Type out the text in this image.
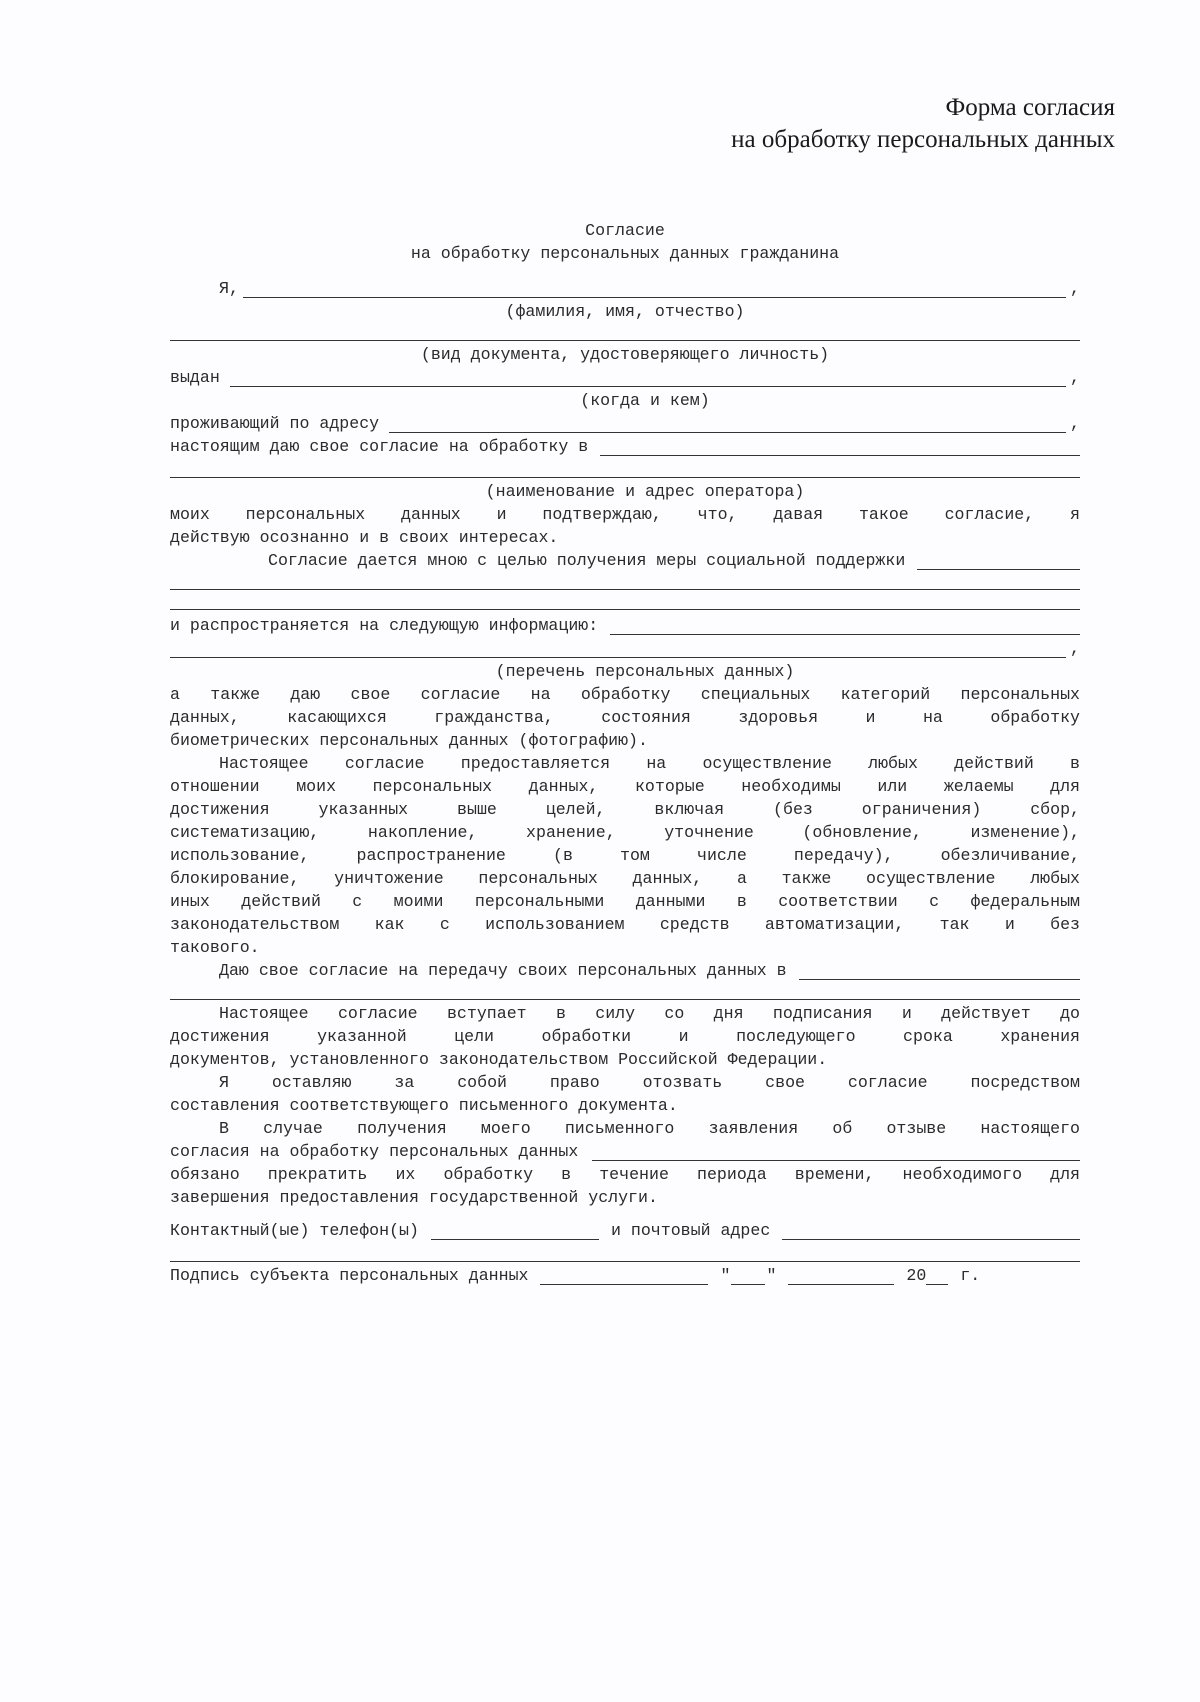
Форма согласия
на обработку персональных данных
Согласие
на обработку персональных данных гражданина
Я,	,
(фамилия, имя, отчество)
(вид документа, удостоверяющего личность)
выдан	,
(когда и кем)
проживающий по адресу	,
настоящим даю свое согласие на обработку в
(наименование и адрес оператора)
моих персональных данных и подтверждаю, что, давая такое согласие, я
действую осознанно и в своих интересах.
Согласие дается мною с целью получения меры социальной поддержки
и распространяется на следующую информацию:
,
(перечень персональных данных)
а также даю свое согласие на обработку специальных категорий персональных
данных, касающихся гражданства, состояния здоровья и на обработку
биометрических персональных данных (фотографию).
Настоящее согласие предоставляется на осуществление любых действий в
отношении моих персональных данных, которые необходимы или желаемы для
достижения указанных выше целей, включая (без ограничения) сбор,
систематизацию, накопление, хранение, уточнение (обновление, изменение),
использование, распространение (в том числе передачу), обезличивание,
блокирование, уничтожение персональных данных, а также осуществление любых
иных действий с моими персональными данными в соответствии с федеральным
законодательством как с использованием средств автоматизации, так и без
такового.
Даю свое согласие на передачу своих персональных данных в
Настоящее согласие вступает в силу со дня подписания и действует до
достижения указанной цели обработки и последующего срока хранения
документов, установленного законодательством Российской Федерации.
Я оставляю за собой право отозвать свое согласие посредством
составления соответствующего письменного документа.
В случае получения моего письменного заявления об отзыве настоящего
согласия на обработку персональных данных
обязано прекратить их обработку в течение периода времени, необходимого для
завершения предоставления государственной услуги.
Контактный(ые) телефон(ы)	и почтовый адрес
Подпись субъекта персональных данных	" "	20 г.
